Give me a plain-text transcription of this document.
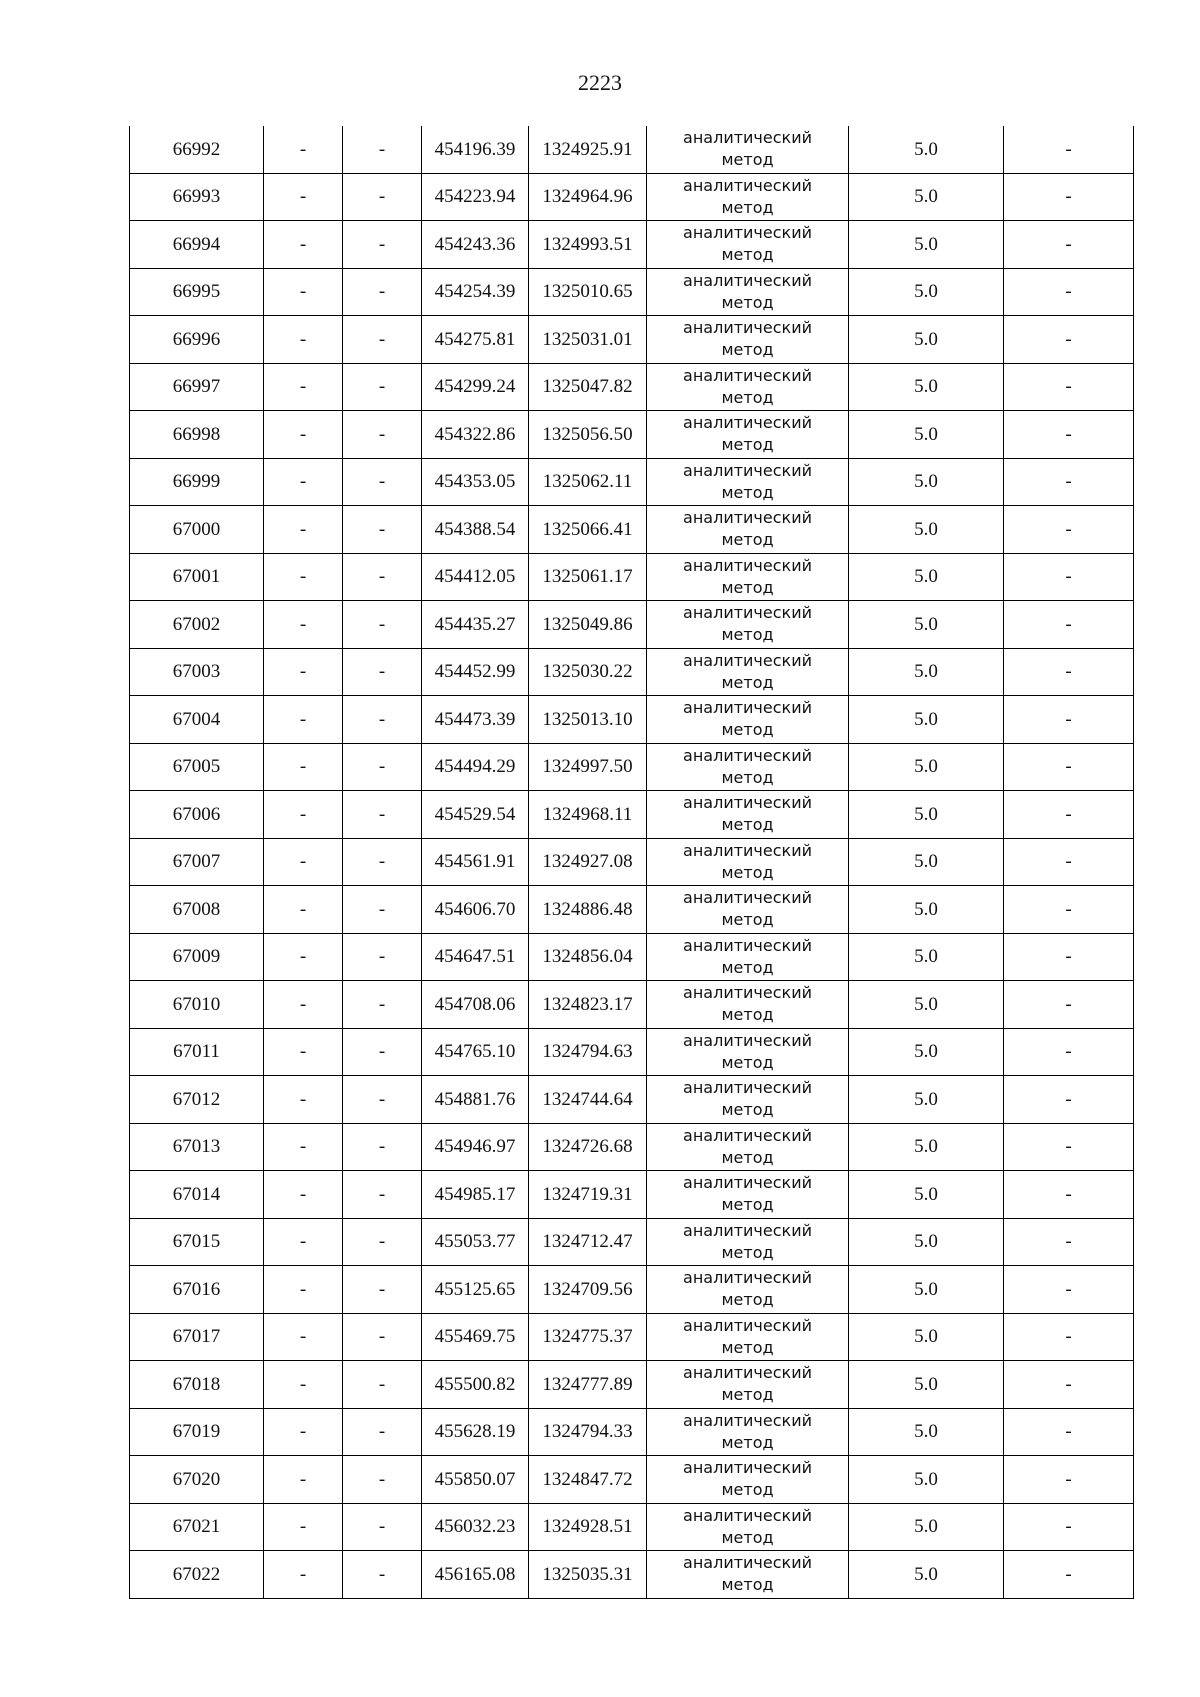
2223
66992	-	-	454196.39	1324925.91	аналитический
метод	5.0	-
66993	-	-	454223.94	1324964.96	аналитический
метод	5.0	-
66994	-	-	454243.36	1324993.51	аналитический
метод	5.0	-
66995	-	-	454254.39	1325010.65	аналитический
метод	5.0	-
66996	-	-	454275.81	1325031.01	аналитический
метод	5.0	-
66997	-	-	454299.24	1325047.82	аналитический
метод	5.0	-
66998	-	-	454322.86	1325056.50	аналитический
метод	5.0	-
66999	-	-	454353.05	1325062.11	аналитический
метод	5.0	-
67000	-	-	454388.54	1325066.41	аналитический
метод	5.0	-
67001	-	-	454412.05	1325061.17	аналитический
метод	5.0	-
67002	-	-	454435.27	1325049.86	аналитический
метод	5.0	-
67003	-	-	454452.99	1325030.22	аналитический
метод	5.0	-
67004	-	-	454473.39	1325013.10	аналитический
метод	5.0	-
67005	-	-	454494.29	1324997.50	аналитический
метод	5.0	-
67006	-	-	454529.54	1324968.11	аналитический
метод	5.0	-
67007	-	-	454561.91	1324927.08	аналитический
метод	5.0	-
67008	-	-	454606.70	1324886.48	аналитический
метод	5.0	-
67009	-	-	454647.51	1324856.04	аналитический
метод	5.0	-
67010	-	-	454708.06	1324823.17	аналитический
метод	5.0	-
67011	-	-	454765.10	1324794.63	аналитический
метод	5.0	-
67012	-	-	454881.76	1324744.64	аналитический
метод	5.0	-
67013	-	-	454946.97	1324726.68	аналитический
метод	5.0	-
67014	-	-	454985.17	1324719.31	аналитический
метод	5.0	-
67015	-	-	455053.77	1324712.47	аналитический
метод	5.0	-
67016	-	-	455125.65	1324709.56	аналитический
метод	5.0	-
67017	-	-	455469.75	1324775.37	аналитический
метод	5.0	-
67018	-	-	455500.82	1324777.89	аналитический
метод	5.0	-
67019	-	-	455628.19	1324794.33	аналитический
метод	5.0	-
67020	-	-	455850.07	1324847.72	аналитический
метод	5.0	-
67021	-	-	456032.23	1324928.51	аналитический
метод	5.0	-
67022	-	-	456165.08	1325035.31	аналитический
метод	5.0	-
